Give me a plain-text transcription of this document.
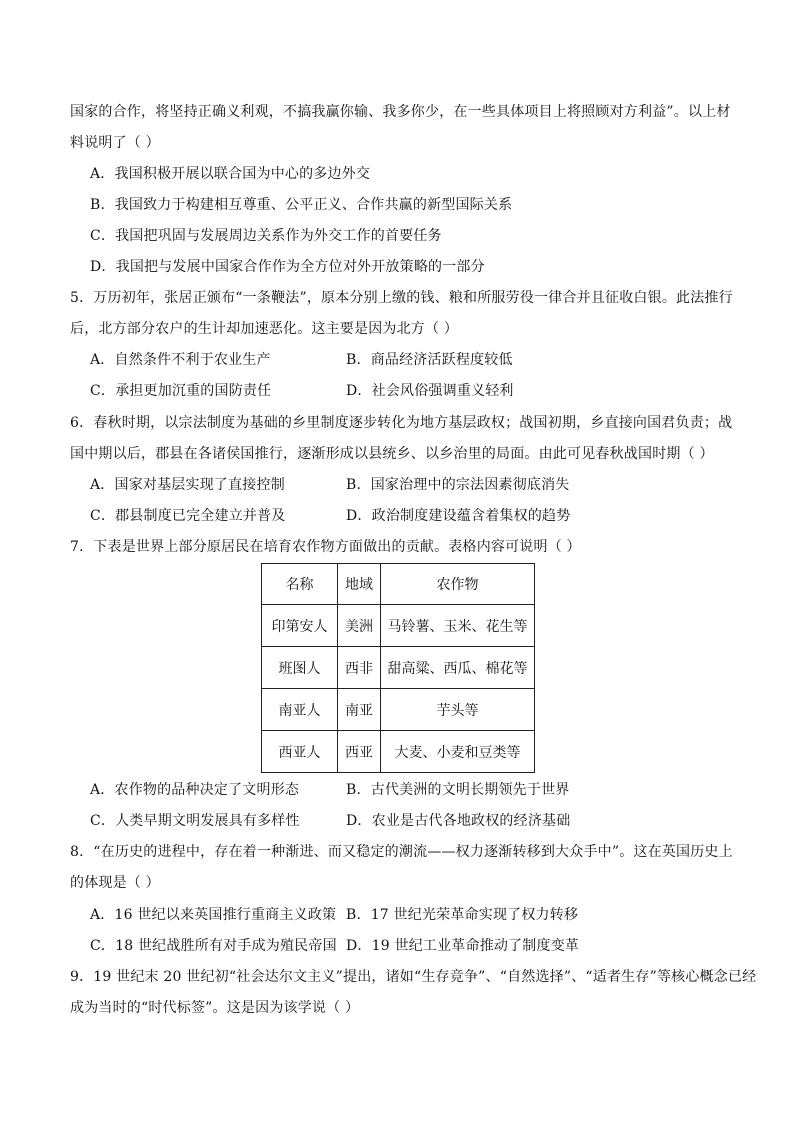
国家的合作，将坚持正确义利观，不搞我赢你输、我多你少，在一些具体项目上将照顾对方利益”。以上材
料说明了（ ）
A．我国积极开展以联合国为中心的多边外交
B．我国致力于构建相互尊重、公平正义、合作共赢的新型国际关系
C．我国把巩固与发展周边关系作为外交工作的首要任务
D．我国把与发展中国家合作作为全方位对外开放策略的一部分
5．万历初年，张居正颁布“一条鞭法”，原本分别上缴的钱、粮和所服劳役一律合并且征收白银。此法推行
后，北方部分农户的生计却加速恶化。这主要是因为北方（ ）
A．自然条件不利于农业生产	B．商品经济活跃程度较低
C．承担更加沉重的国防责任	D．社会风俗强调重义轻利
6．春秋时期，以宗法制度为基础的乡里制度逐步转化为地方基层政权；战国初期，乡直接向国君负责；战
国中期以后，郡县在各诸侯国推行，逐渐形成以县统乡、以乡治里的局面。由此可见春秋战国时期（ ）
A．国家对基层实现了直接控制	B．国家治理中的宗法因素彻底消失
C．郡县制度已完全建立并普及	D．政治制度建设蕴含着集权的趋势
7．下表是世界上部分原居民在培育农作物方面做出的贡献。表格内容可说明（ ）
名称	地域	农作物
印第安人	美洲	马铃薯、玉米、花生等
班图人	西非	甜高粱、西瓜、棉花等
南亚人	南亚	芋头等
西亚人	西亚	大麦、小麦和豆类等
A．农作物的品种决定了文明形态	B．古代美洲的文明长期领先于世界
C．人类早期文明发展具有多样性	D．农业是古代各地政权的经济基础
8．“在历史的进程中，存在着一种渐进、而又稳定的潮流——权力逐渐转移到大众手中”。这在英国历史上
的体现是（ ）
A．16 世纪以来英国推行重商主义政策 B．17 世纪光荣革命实现了权力转移
C．18 世纪战胜所有对手成为殖民帝国 D．19 世纪工业革命推动了制度变革
9．19 世纪末 20 世纪初“社会达尔文主义”提出，诸如“生存竞争”、“自然选择”、“适者生存”等核心概念已经
成为当时的“时代标签”。这是因为该学说（ ）
